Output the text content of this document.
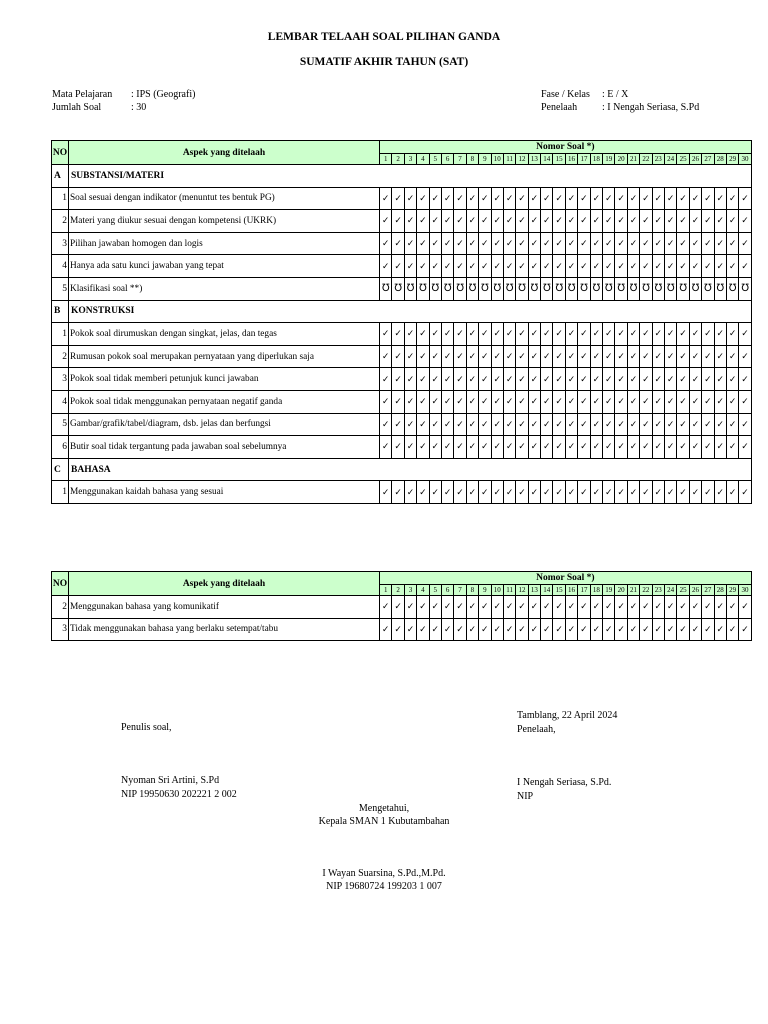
LEMBAR TELAAH SOAL PILIHAN GANDA
SUMATIF AKHIR TAHUN (SAT)
Mata Pelajaran : IPS (Geografi)
Jumlah Soal	: 30
Fase / Kelas : E / X
Penelaah : I Nengah Seriasa, S.Pd
NO	Aspek yang ditelaah	Nomor Soal *)																													
		1	2	3	4	5	6	7	8	9	10	11	12	13	14	15	16	17	18	19	20	21	22	23	24	25	26	27	28	29	30
A	SUBSTANSI/MATERI																														
1	Soal sesuai dengan indikator (menuntut tes bentuk PG)	✓	✓	✓	✓	✓	✓	✓	✓	✓	✓	✓	✓	✓	✓	✓	✓	✓	✓	✓	✓	✓	✓	✓	✓	✓	✓	✓	✓	✓	✓
2	Materi yang diukur sesuai dengan kompetensi (UKRK)	✓	✓	✓	✓	✓	✓	✓	✓	✓	✓	✓	✓	✓	✓	✓	✓	✓	✓	✓	✓	✓	✓	✓	✓	✓	✓	✓	✓	✓	✓
3	Pilihan jawaban homogen dan logis	✓	✓	✓	✓	✓	✓	✓	✓	✓	✓	✓	✓	✓	✓	✓	✓	✓	✓	✓	✓	✓	✓	✓	✓	✓	✓	✓	✓	✓	✓
4	Hanya ada satu kunci jawaban yang tepat	✓	✓	✓	✓	✓	✓	✓	✓	✓	✓	✓	✓	✓	✓	✓	✓	✓	✓	✓	✓	✓	✓	✓	✓	✓	✓	✓	✓	✓	✓
5	Klasifikasi soal **)	℧	℧	℧	℧	℧	℧	℧	℧	℧	℧	℧	℧	℧	℧	℧	℧	℧	℧	℧	℧	℧	℧	℧	℧	℧	℧	℧	℧	℧	℧
B	KONSTRUKSI																														
1	Pokok soal dirumuskan dengan singkat, jelas, dan tegas	✓	✓	✓	✓	✓	✓	✓	✓	✓	✓	✓	✓	✓	✓	✓	✓	✓	✓	✓	✓	✓	✓	✓	✓	✓	✓	✓	✓	✓	✓
2	Rumusan pokok soal merupakan pernyataan yang diperlukan saja	✓	✓	✓	✓	✓	✓	✓	✓	✓	✓	✓	✓	✓	✓	✓	✓	✓	✓	✓	✓	✓	✓	✓	✓	✓	✓	✓	✓	✓	✓
3	Pokok soal tidak memberi petunjuk kunci jawaban	✓	✓	✓	✓	✓	✓	✓	✓	✓	✓	✓	✓	✓	✓	✓	✓	✓	✓	✓	✓	✓	✓	✓	✓	✓	✓	✓	✓	✓	✓
4	Pokok soal tidak menggunakan pernyataan negatif ganda	✓	✓	✓	✓	✓	✓	✓	✓	✓	✓	✓	✓	✓	✓	✓	✓	✓	✓	✓	✓	✓	✓	✓	✓	✓	✓	✓	✓	✓	✓
5	Gambar/grafik/tabel/diagram, dsb. jelas dan berfungsi	✓	✓	✓	✓	✓	✓	✓	✓	✓	✓	✓	✓	✓	✓	✓	✓	✓	✓	✓	✓	✓	✓	✓	✓	✓	✓	✓	✓	✓	✓
6	Butir soal tidak tergantung pada jawaban soal sebelumnya	✓	✓	✓	✓	✓	✓	✓	✓	✓	✓	✓	✓	✓	✓	✓	✓	✓	✓	✓	✓	✓	✓	✓	✓	✓	✓	✓	✓	✓	✓
C	BAHASA																														
1	Menggunakan kaidah bahasa yang sesuai	✓	✓	✓	✓	✓	✓	✓	✓	✓	✓	✓	✓	✓	✓	✓	✓	✓	✓	✓	✓	✓	✓	✓	✓	✓	✓	✓	✓	✓	✓
NO	Aspek yang ditelaah	Nomor Soal *)																													
		1	2	3	4	5	6	7	8	9	10	11	12	13	14	15	16	17	18	19	20	21	22	23	24	25	26	27	28	29	30
2	Menggunakan bahasa yang komunikatif	✓	✓	✓	✓	✓	✓	✓	✓	✓	✓	✓	✓	✓	✓	✓	✓	✓	✓	✓	✓	✓	✓	✓	✓	✓	✓	✓	✓	✓	✓
3	Tidak menggunakan bahasa yang berlaku setempat/tabu	✓	✓	✓	✓	✓	✓	✓	✓	✓	✓	✓	✓	✓	✓	✓	✓	✓	✓	✓	✓	✓	✓	✓	✓	✓	✓	✓	✓	✓	✓
Penulis soal,
Nyoman Sri Artini, S.Pd
NIP 19950630 202221 2 002
Tamblang, 22 April 2024
Penelaah,
I Nengah Seriasa, S.Pd.
NIP
Mengetahui,
Kepala SMAN 1 Kubutambahan
I Wayan Suarsina, S.Pd.,M.Pd.
NIP 19680724 199203 1 007
